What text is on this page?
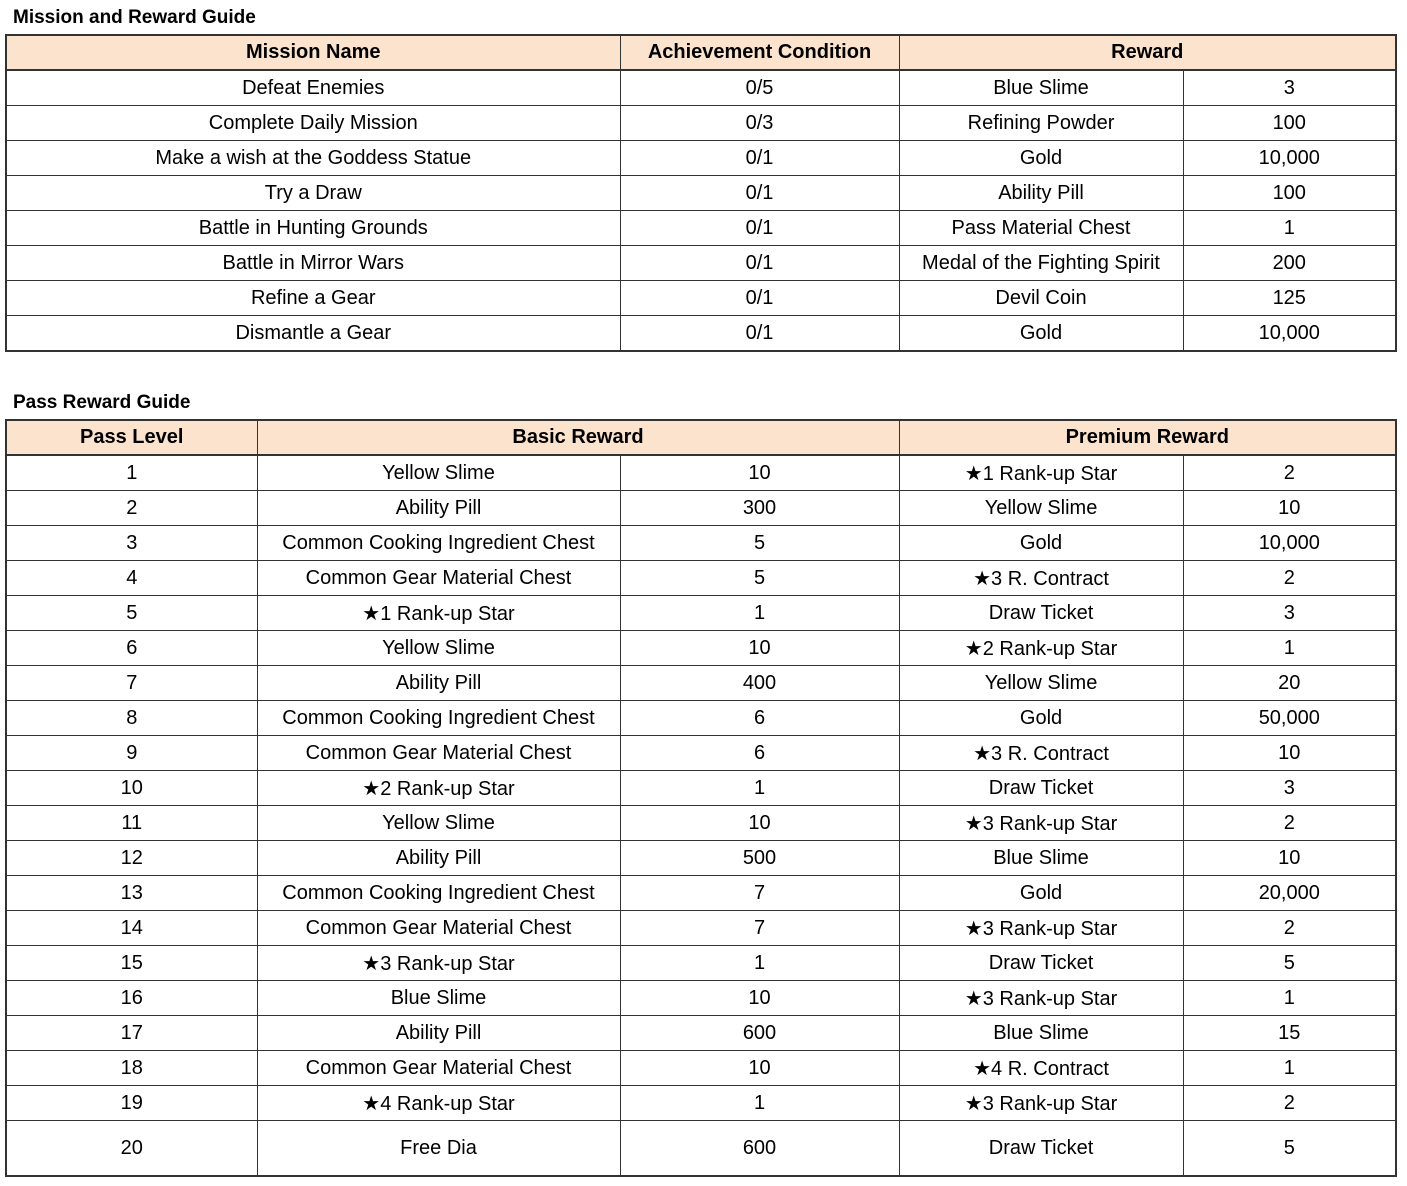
Mission and Reward Guide
Mission Name	Achievement Condition	Reward	
Defeat Enemies	0/5	Blue Slime	3
Complete Daily Mission	0/3	Refining Powder	100
Make a wish at the Goddess Statue	0/1	Gold	10,000
Try a Draw	0/1	Ability Pill	100
Battle in Hunting Grounds	0/1	Pass Material Chest	1
Battle in Mirror Wars	0/1	Medal of the Fighting Spirit	200
Refine a Gear	0/1	Devil Coin	125
Dismantle a Gear	0/1	Gold	10,000
Pass Reward Guide
Pass Level	Basic Reward		Premium Reward	
1	Yellow Slime	10	★1 Rank-up Star	2
2	Ability Pill	300	Yellow Slime	10
3	Common Cooking Ingredient Chest	5	Gold	10,000
4	Common Gear Material Chest	5	★3 R. Contract	2
5	★1 Rank-up Star	1	Draw Ticket	3
6	Yellow Slime	10	★2 Rank-up Star	1
7	Ability Pill	400	Yellow Slime	20
8	Common Cooking Ingredient Chest	6	Gold	50,000
9	Common Gear Material Chest	6	★3 R. Contract	10
10	★2 Rank-up Star	1	Draw Ticket	3
11	Yellow Slime	10	★3 Rank-up Star	2
12	Ability Pill	500	Blue Slime	10
13	Common Cooking Ingredient Chest	7	Gold	20,000
14	Common Gear Material Chest	7	★3 Rank-up Star	2
15	★3 Rank-up Star	1	Draw Ticket	5
16	Blue Slime	10	★3 Rank-up Star	1
17	Ability Pill	600	Blue Slime	15
18	Common Gear Material Chest	10	★4 R. Contract	1
19	★4 Rank-up Star	1	★3 Rank-up Star	2
20	Free Dia	600	Draw Ticket	5
